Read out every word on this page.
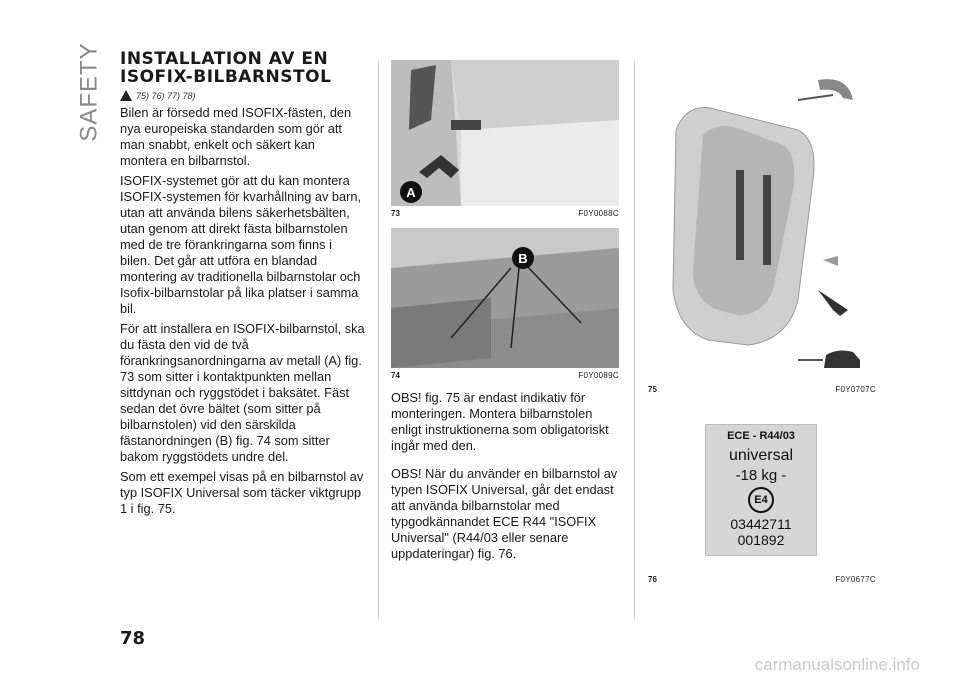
SAFETY INSTALLATION AV EN
ISOFIX-BILBARNSTOL
75) 76) 77) 78)

Bilen är försedd med ISOFIX-fästen, den nya europeiska standarden som gör att man snabbt, enkelt och säkert kan montera en bilbarnstol.

ISOFIX-systemet gör att du kan montera ISOFIX-systemen för kvarhållning av barn, utan att använda bilens säkerhetsbälten, utan genom att direkt fästa bilbarnstolen med de tre förankringarna som finns i bilen. Det går att utföra en blandad montering av traditionella bilbarnstolar och Isofix-bilbarnstolar på lika platser i samma bil.

För att installera en ISOFIX-bilbarnstol, ska du fästa den vid de två förankringsanordningarna av metall (A) fig. 73 som sitter i kontaktpunkten mellan sittdynan och ryggstödet i baksätet. Fäst sedan det övre bältet (som sitter på bilbarnstolen) vid den särskilda fästanordningen (B) fig. 74 som sitter bakom ryggstödets undre del.

Som ett exempel visas på en bilbarnstol av typ ISOFIX Universal som täcker viktgrupp 1 i fig. 75.

A
73	F0Y0088C
B
74	F0Y0089C

OBS! fig. 75 är endast indikativ för monteringen. Montera bilbarnstolen enligt instruktionerna som obligatoriskt ingår med den.

OBS! När du använder en bilbarnstol av typen ISOFIX Universal, går det endast att använda bilbarnstolar med typgodkännandet ECE R44 "ISOFIX Universal" (R44/03 eller senare uppdateringar) fig. 76.

75	F0Y0707C
ECE - R44/03
universal
-18 kg -
E4
03442711
001892
76	F0Y0677C
78
carmanualsonline.info
